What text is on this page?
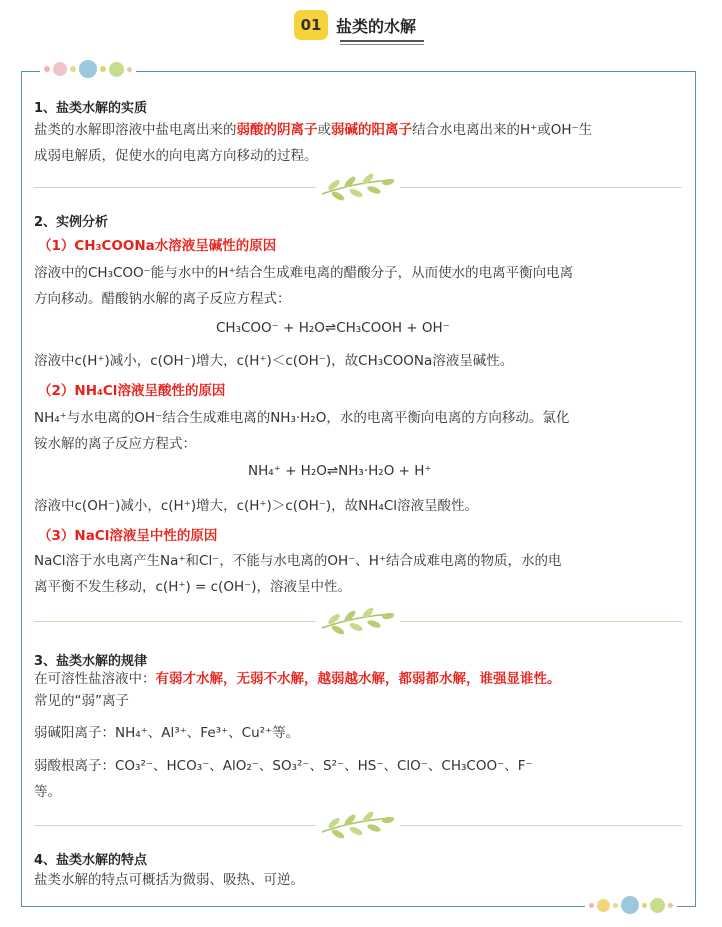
01 盐类的水解
1、盐类水解的实质
盐类的水解即溶液中盐电离出来的弱酸的阴离子或弱碱的阳离子结合水电离出来的H⁺或OH⁻生
成弱电解质，促使水的向电离方向移动的过程。
2、实例分析
（1）CH₃COONa水溶液呈碱性的原因
溶液中的CH₃COO⁻能与水中的H⁺结合生成难电离的醋酸分子，从而使水的电离平衡向电离
方向移动。醋酸钠水解的离子反应方程式：
CH₃COO⁻ + H₂O⇌CH₃COOH + OH⁻
溶液中c(H⁺)减小，c(OH⁻)增大，c(H⁺)＜c(OH⁻)，故CH₃COONa溶液呈碱性。
（2）NH₄Cl溶液呈酸性的原因
NH₄⁺与水电离的OH⁻结合生成难电离的NH₃·H₂O，水的电离平衡向电离的方向移动。氯化
铵水解的离子反应方程式：
NH₄⁺ + H₂O⇌NH₃·H₂O + H⁺
溶液中c(OH⁻)减小，c(H⁺)增大，c(H⁺)＞c(OH⁻)，故NH₄Cl溶液呈酸性。
（3）NaCl溶液呈中性的原因
NaCl溶于水电离产生Na⁺和Cl⁻，不能与水电离的OH⁻、H⁺结合成难电离的物质，水的电
离平衡不发生移动，c(H⁺) = c(OH⁻)，溶液呈中性。
3、盐类水解的规律
在可溶性盐溶液中：有弱才水解，无弱不水解，越弱越水解，都弱都水解，谁强显谁性。
常见的“弱”离子
弱碱阳离子：NH₄⁺、Al³⁺、Fe³⁺、Cu²⁺等。
弱酸根离子：CO₃²⁻、HCO₃⁻、AlO₂⁻、SO₃²⁻、S²⁻、HS⁻、ClO⁻、CH₃COO⁻、F⁻
等。
4、盐类水解的特点
盐类水解的特点可概括为微弱、吸热、可逆。
